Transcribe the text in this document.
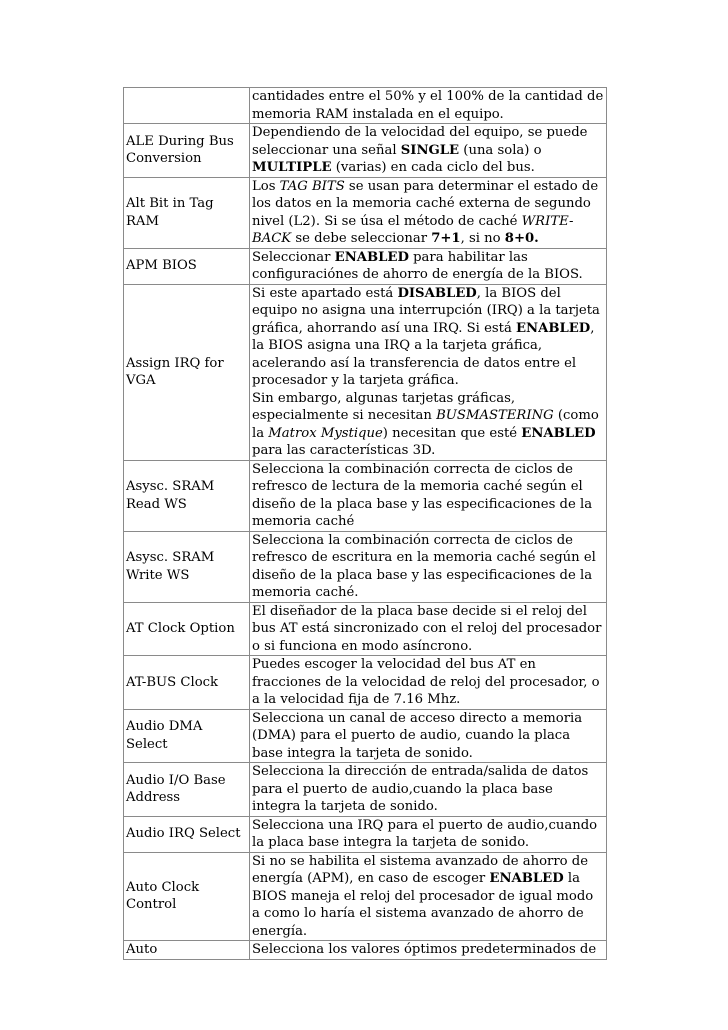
	cantidades entre el 50% y el 100% de la cantidad de memoria RAM instalada en el equipo.
ALE During Bus Conversion	Dependiendo de la velocidad del equipo, se puede seleccionar una señal SINGLE (una sola) o MULTIPLE (varias) en cada ciclo del bus.
Alt Bit in Tag RAM	Los TAG BITS se usan para determinar el estado de los datos en la memoria caché externa de segundo nivel (L2). Si se úsa el método de caché WRITE-BACK se debe seleccionar 7+1, si no 8+0.
APM BIOS	Seleccionar ENABLED para habilitar las configuraciónes de ahorro de energía de la BIOS.
Assign IRQ for VGA	Si este apartado está DISABLED, la BIOS del equipo no asigna una interrupción (IRQ) a la tarjeta gráfica, ahorrando así una IRQ. Si está ENABLED, la BIOS asigna una IRQ a la tarjeta gráfica, acelerando así la transferencia de datos entre el procesador y la tarjeta gráfica.
Sin embargo, algunas tarjetas gráficas, especialmente si necesitan BUSMASTERING (como la Matrox Mystique) necesitan que esté ENABLED para las características 3D.
Asysc. SRAM Read WS	Selecciona la combinación correcta de ciclos de refresco de lectura de la memoria caché según el diseño de la placa base y las especificaciones de la memoria caché
Asysc. SRAM Write WS	Selecciona la combinación correcta de ciclos de refresco de escritura en la memoria caché según el diseño de la placa base y las especificaciones de la memoria caché.
AT Clock Option	El diseñador de la placa base decide si el reloj del bus AT está sincronizado con el reloj del procesador o si funciona en modo asíncrono.
AT-BUS Clock	Puedes escoger la velocidad del bus AT en fracciones de la velocidad de reloj del procesador, o a la velocidad fija de 7.16 Mhz.
Audio DMA Select	Selecciona un canal de acceso directo a memoria (DMA) para el puerto de audio, cuando la placa base integra la tarjeta de sonido.
Audio I/O Base Address	Selecciona la dirección de entrada/salida de datos para el puerto de audio,cuando la placa base integra la tarjeta de sonido.
Audio IRQ Select	Selecciona una IRQ para el puerto de audio,cuando la placa base integra la tarjeta de sonido.
Auto Clock Control	Si no se habilita el sistema avanzado de ahorro de energía (APM), en caso de escoger ENABLED la BIOS maneja el reloj del procesador de igual modo a como lo haría el sistema avanzado de ahorro de energía.
Auto	Selecciona los valores óptimos predeterminados de
